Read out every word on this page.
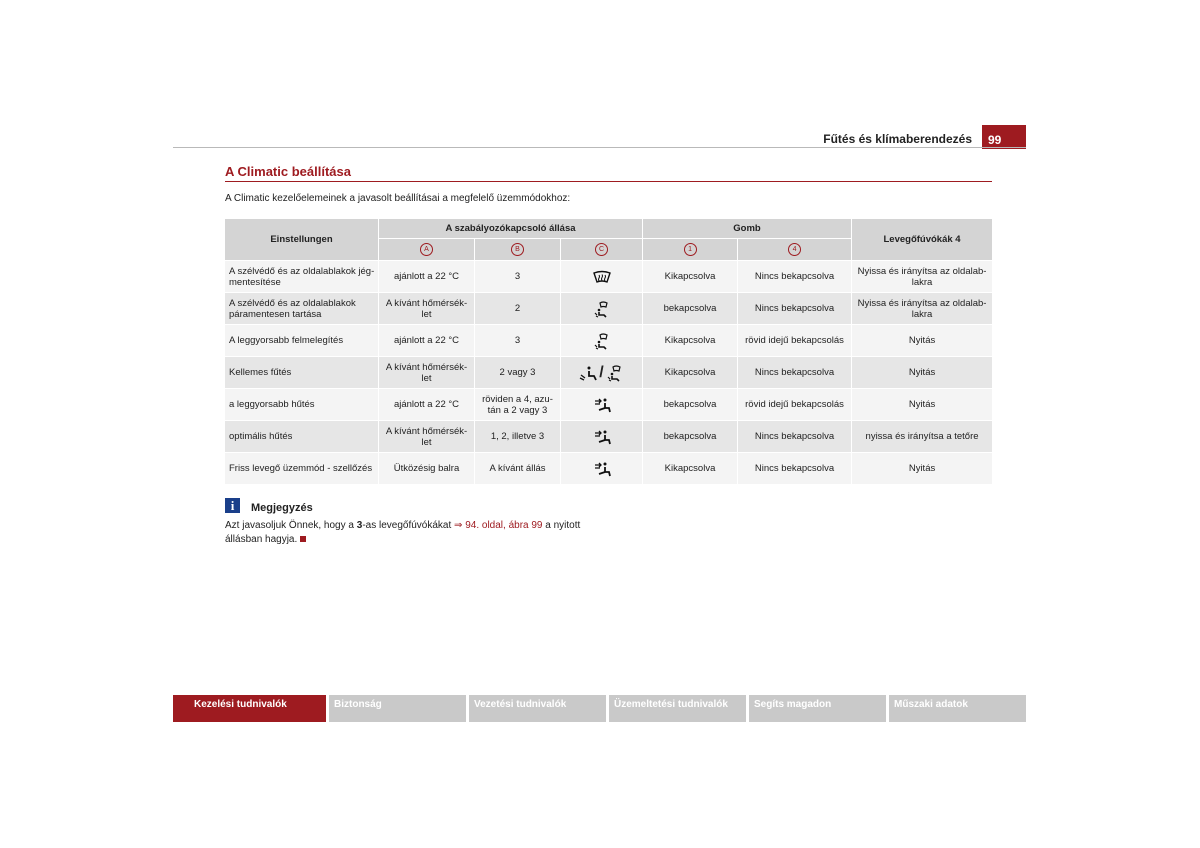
Fűtés és klímaberendezés	99
A Climatic beállítása
A Climatic kezelőelemeinek a javasolt beállításai a megfelelő üzemmódokhoz:
Einstellungen	A szabályozókapcsoló állása			Gomb		Levegőfúvókák 4
	A	B	C	1	4	
A szélvédő és az oldalablakok jég-mentesítése	ajánlott a 22 °C	3		Kikapcsolva	Nincs bekapcsolva	Nyissa és irányítsa az oldalab-lakra
A szélvédő és az oldalablakok páramentesen tartása	A kívánt hőmérsék-let	2		bekapcsolva	Nincs bekapcsolva	Nyissa és irányítsa az oldalab-lakra
A leggyorsabb felmelegítés	ajánlott a 22 °C	3		Kikapcsolva	rövid idejű bekapcsolás	Nyitás
Kellemes fűtés	A kívánt hőmérsék-let	2 vagy 3	/	Kikapcsolva	Nincs bekapcsolva	Nyitás
a leggyorsabb hűtés	ajánlott a 22 °C	röviden a 4, azu-tán a 2 vagy 3		bekapcsolva	rövid idejű bekapcsolás	Nyitás
optimális hűtés	A kívánt hőmérsék-let	1, 2, illetve 3		bekapcsolva	Nincs bekapcsolva	nyissa és irányítsa a tetőre
Friss levegő üzemmód - szellőzés	Ütközésig balra	A kívánt állás		Kikapcsolva	Nincs bekapcsolva	Nyitás
i	Megjegyzés
Azt javasoljuk Önnek, hogy a 3-as levegőfúvókákat ⇒ 94. oldal, ábra 99 a nyitott állásban hagyja.
Kezelési tudnivalók	Biztonság	Vezetési tudnivalók	Üzemeltetési tudnivalók	Segíts magadon	Műszaki adatok
